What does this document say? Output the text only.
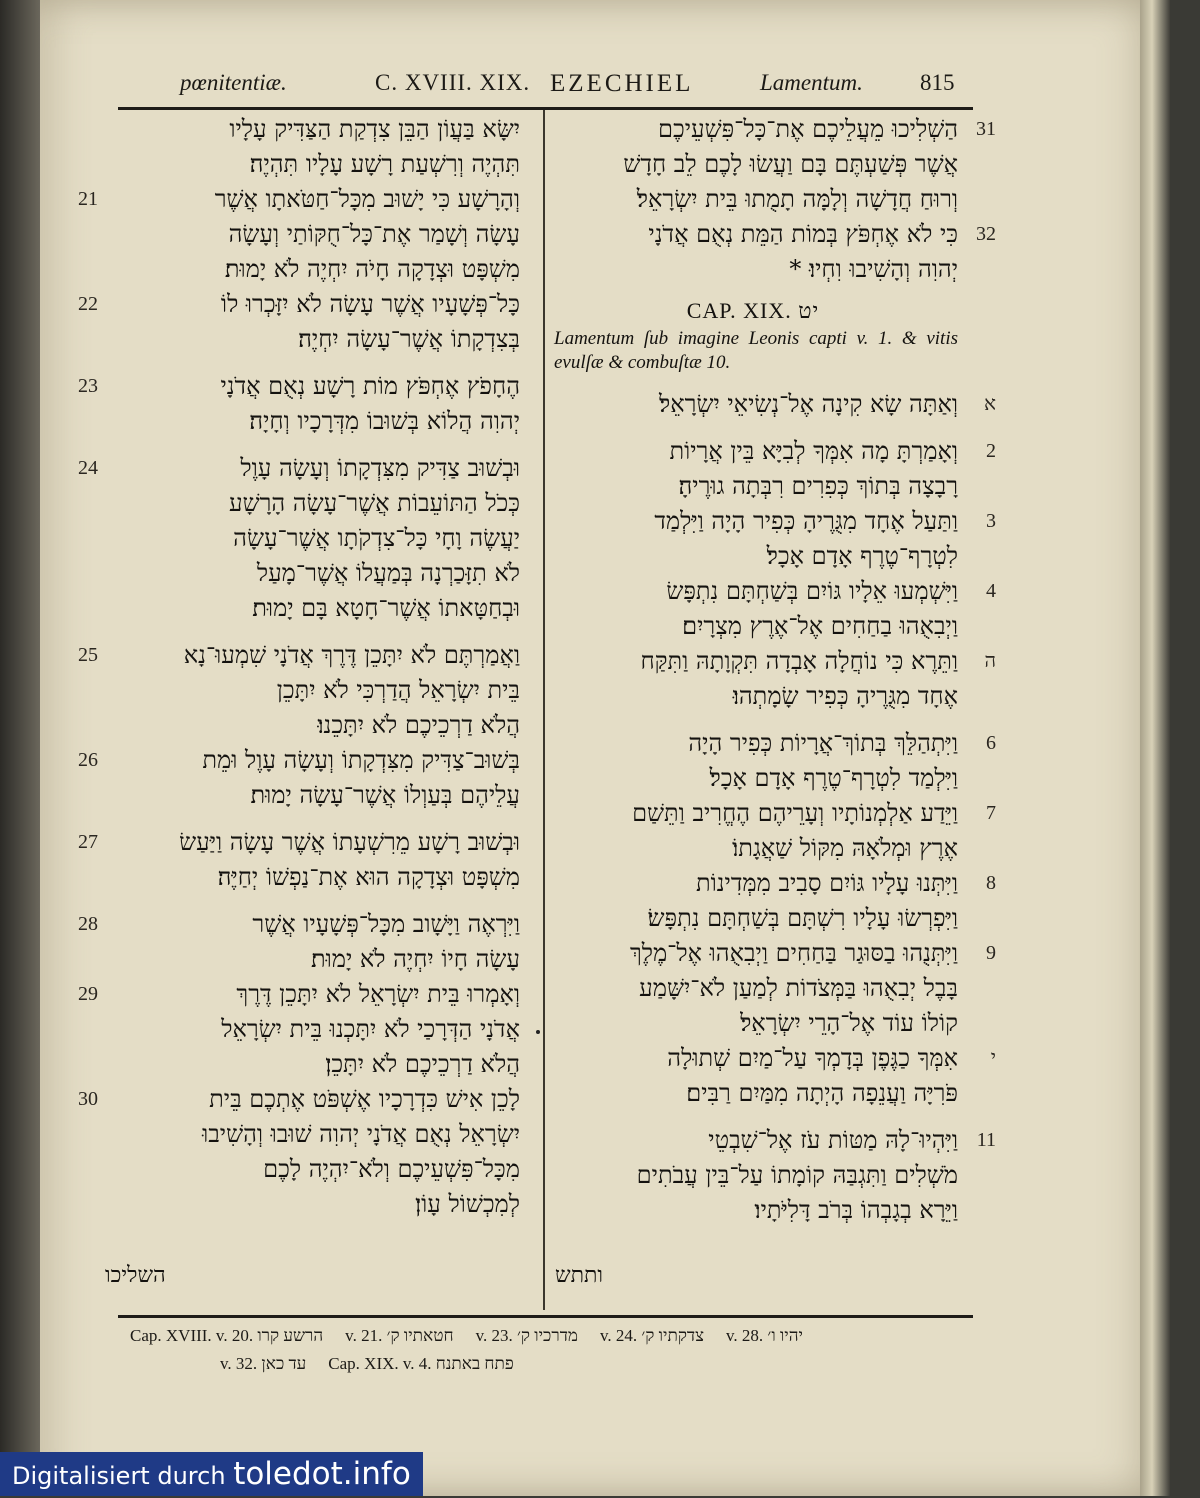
pœnitentiæ.	C. XVIII. XIX. EZECHIEL	Lamentum. 815
יִשָּׂא בַּעֲוֹן הַבֵּן צִדְקַת הַצַּדִּיק עָלָיו
תִּהְיֶה וְרִשְׁעַת רָשָׁע עָלָיו תִּהְיֶה׃
וְהָרָשָׁע כִּי יָשׁוּב מִכָּל־חַטֹּאתָו אֲשֶׁר
21
עָשָׂה וְשָׁמַר אֶת־כָּל־חֻקּוֹתַי וְעָשָׂה
מִשְׁפָּט וּצְדָקָה חָיֹה יִחְיֶה לֹא יָמוּת׃
כָּל־פְּשָׁעָיו אֲשֶׁר עָשָׂה לֹא יִזָּכְרוּ לוֹ
22
בְּצִדְקָתוֹ אֲשֶׁר־עָשָׂה יִחְיֶה׃
הֶחָפֹץ אֶחְפֹּץ מוֹת רָשָׁע נְאֻם אֲדֹנָי
23
יְהוִה הֲלוֹא בְּשׁוּבוֹ מִדְּרָכָיו וְחָיָה׃
וּבְשׁוּב צַדִּיק מִצִּדְקָתוֹ וְעָשָׂה עָוֶל
24
כְּכֹל הַתּוֹעֵבוֹת אֲשֶׁר־עָשָׂה הָרָשָׁע
יַעֲשֶׂה וָחָי כָּל־צִדְקֹתָו אֲשֶׁר־עָשָׂה
לֹא תִזָּכַרְנָה בְּמַעֲלוֹ אֲשֶׁר־מָעַל
וּבְחַטָּאתוֹ אֲשֶׁר־חָטָא בָּם יָמוּת׃
וַאֲמַרְתֶּם לֹא יִתָּכֵן דֶּרֶךְ אֲדֹנָי שִׁמְעוּ־נָא
25
בֵּית יִשְׂרָאֵל הֲדַרְכִּי לֹא יִתָּכֵן
הֲלֹא דַרְכֵיכֶם לֹא יִתָּכֵנוּ׃
בְּשׁוּב־צַדִּיק מִצִּדְקָתוֹ וְעָשָׂה עָוֶל וּמֵת
26
עֲלֵיהֶם בְּעַוְלוֹ אֲשֶׁר־עָשָׂה יָמוּת׃
וּבְשׁוּב רָשָׁע מֵרִשְׁעָתוֹ אֲשֶׁר עָשָׂה וַיַּעַשׂ
27
מִשְׁפָּט וּצְדָקָה הוּא אֶת־נַפְשׁוֹ יְחַיֶּה׃
וַיִּרְאֶה וַיָּשָׁוב מִכָּל־פְּשָׁעָיו אֲשֶׁר
28
עָשָׂה חָיוֹ יִחְיֶה לֹא יָמוּת׃
וְאָמְרוּ בֵּית יִשְׂרָאֵל לֹא יִתָּכֵן דֶּרֶךְ
29
אֲדֹנָי הַדְּרָכַי לֹא יִתָּכְנוּ בֵּית יִשְׂרָאֵל
הֲלֹא דַרְכֵיכֶם לֹא יִתָּכֵן׃
לָכֵן אִישׁ כִּדְרָכָיו אֶשְׁפֹּט אֶתְכֶם בֵּית
30
יִשְׂרָאֵל נְאֻם אֲדֹנָי יְהוִה שׁוּבוּ וְהָשִׁיבוּ
מִכָּל־פִּשְׁעֵיכֶם וְלֹא־יִהְיֶה לָכֶם
לְמִכְשׁוֹל עָוֹן׃
הַשְׁלִיכוּ מֵעֲלֵיכֶם אֶת־כָּל־פִּשְׁעֵיכֶם 31
אֲשֶׁר פְּשַׁעְתֶּם בָּם וַעֲשׂוּ לָכֶם לֵב חָדָשׁ
וְרוּחַ חֲדָשָׁה וְלָמָּה תָמֻתוּ בֵּית יִשְׂרָאֵל׃
כִּי לֹא אֶחְפֹּץ בְּמוֹת הַמֵּת נְאֻם אֲדֹנָי 32
יְהוִה וְהָשִׁיבוּ וִחְיוּ׃ *
CAP. XIX. יט
Lamentum ſub imagine Leonis capti v. 1. & vitis evulſæ & combuſtæ 10.
וְאַתָּה שָׂא קִינָה אֶל־נְשִׂיאֵי יִשְׂרָאֵל׃ א
וְאָמַרְתָּ מָה אִמְּךָ לְבִיָּא בֵּין אֲרָיוֹת 2
רָבָצָה בְּתוֹךְ כְּפִרִים רִבְּתָה גוּרֶיהָ׃
וַתַּעַל אֶחָד מִגֻּרֶיהָ כְּפִיר הָיָה וַיִּלְמַד 3
לִטְרָף־טֶרֶף אָדָם אָכָל׃
וַיִּשְׁמְעוּ אֵלָיו גּוֹיִם בְּשַׁחְתָּם נִתְפָּשׂ 4
וַיְבִאֻהוּ בַחַחִים אֶל־אֶרֶץ מִצְרָיִם׃
וַתֵּרֶא כִּי נוֹחֲלָה אָבְדָה תִּקְוָתָהּ וַתִּקַּח ה
אֶחָד מִגֻּרֶיהָ כְּפִיר שָׂמָתְהוּ׃
וַיִּתְהַלֵּךְ בְּתוֹךְ־אֲרָיוֹת כְּפִיר הָיָה 6
וַיִּלְמַד לִטְרָף־טֶרֶף אָדָם אָכָל׃
וַיֵּדַע אַלְמְנוֹתָיו וְעָרֵיהֶם הֶחֱרִיב וַתֵּשַׁם 7
אֶרֶץ וּמְלֹאָהּ מִקּוֹל שַׁאֲגָתוֹ׃
וַיִּתְּנוּ עָלָיו גּוֹיִם סָבִיב מִמְּדִינוֹת 8
וַיִּפְרְשׂוּ עָלָיו רִשְׁתָּם בְּשַׁחְתָּם נִתְפָּשׂ׃
וַיִּתְּנֻהוּ בַסּוּגַר בַּחַחִים וַיְבִאֻהוּ אֶל־מֶלֶךְ 9
בָּבֶל יְבִאֻהוּ בַּמְּצֹדוֹת לְמַעַן לֹא־יִשָּׁמַע
קוֹלוֹ עוֹד אֶל־הָרֵי יִשְׂרָאֵל׃
אִמְּךָ כַגֶּפֶן בְּדָמְךָ עַל־מַיִם שְׁתוּלָה י
פֹּרִיָּה וַעֲנֵפָה הָיְתָה מִמַּיִם רַבִּים׃
וַיִּהְיוּ־לָהּ מַטּוֹת עֹז אֶל־שִׁבְטֵי 11
מֹשְׁלִים וַתִּגְבַּהּ קוֹמָתוֹ עַל־בֵּין עֲבֹתִים
וַיֵּרָא בְגָבְהוֹ בְּרֹב דָּלִיֹּתָיו׃
השליכו	ותתש
Cap. XVIII. v. 20. הרשע קרו v. 21. חטאתיו ק׳ v. 23. מדרכיו ק׳ v. 24. צדקתיו ק׳ v. 28. יהיו ו׳
v. 32. עד כאן Cap. XIX. v. 4. פתח באתנח
Digitalisiert durch toledot.info
